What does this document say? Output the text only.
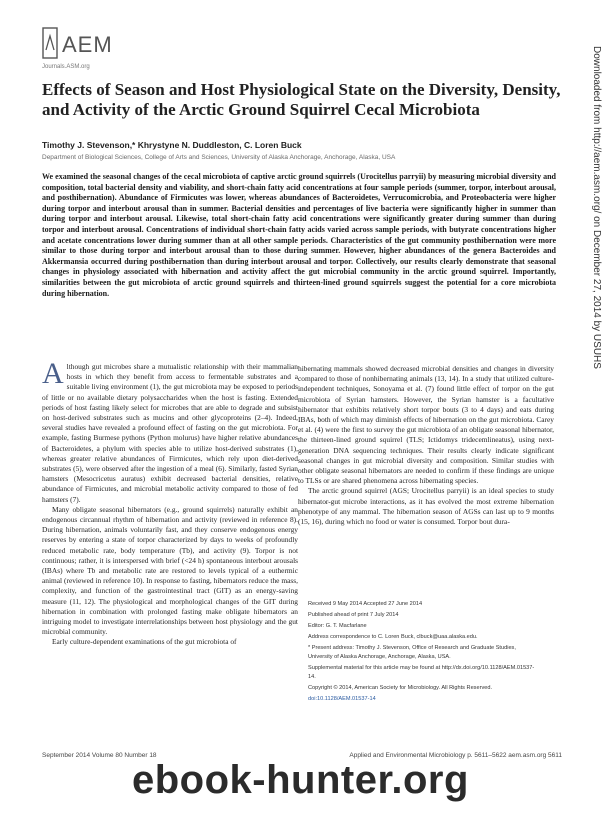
AEM
Journals.ASM.org
Effects of Season and Host Physiological State on the Diversity, Density, and Activity of the Arctic Ground Squirrel Cecal Microbiota
Timothy J. Stevenson,* Khrystyne N. Duddleston, C. Loren Buck
Department of Biological Sciences, College of Arts and Sciences, University of Alaska Anchorage, Anchorage, Alaska, USA
We examined the seasonal changes of the cecal microbiota of captive arctic ground squirrels (Urocitellus parryii) by measuring microbial diversity and composition, total bacterial density and viability, and short-chain fatty acid concentrations at four sample periods (summer, torpor, interbout arousal, and posthibernation). Abundance of Firmicutes was lower, whereas abundances of Bacteroidetes, Verrucomicrobia, and Proteobacteria were higher during torpor and interbout arousal than in summer. Bacterial densities and percentages of live bacteria were significantly higher in summer than during torpor and interbout arousal. Likewise, total short-chain fatty acid concentrations were significantly greater during summer than during torpor and interbout arousal. Concentrations of individual short-chain fatty acids varied across sample periods, with butyrate concentrations higher and acetate concentrations lower during summer than at all other sample periods. Characteristics of the gut community posthibernation were more similar to those during torpor and interbout arousal than to those during summer. However, higher abundances of the genera Bacteroides and Akkermansia occurred during posthibernation than during interbout arousal and torpor. Collectively, our results clearly demonstrate that seasonal changes in physiology associated with hibernation and activity affect the gut microbial community in the arctic ground squirrel. Importantly, similarities between the gut microbiota of arctic ground squirrels and thirteen-lined ground squirrels suggest the potential for a core microbiota during hibernation.	Downloaded from http://aem.asm.org/ on December 27, 2014 by USUHS

Although gut microbes share a mutualistic relationship with their mammalian hosts in which they benefit from access to fermentable substrates and a suitable living environment (1), the gut microbiota may be exposed to periods of little or no available dietary polysaccharides when the host is fasting. Extended periods of host fasting likely select for microbes that are able to degrade and subsist on host-derived substrates such as mucins and other glycoproteins (2–4). Indeed, several studies have revealed a profound effect of fasting on the gut microbiota. For example, fasting Burmese pythons (Python molurus) have higher relative abundances of Bacteroidetes, a phylum with species able to utilize host-derived substrates (1), whereas greater relative abundances of Firmicutes, which rely upon diet-derived substrates (5), were observed after the ingestion of a meal (6). Similarly, fasted Syrian hamsters (Mesocricetus auratus) exhibit decreased bacterial densities, relative abundance of Firmicutes, and microbial metabolic activity compared to those of fed hamsters (7).

Many obligate seasonal hibernators (e.g., ground squirrels) naturally exhibit an endogenous circannual rhythm of hibernation and activity (reviewed in reference 8). During hibernation, animals voluntarily fast, and they conserve endogenous energy reserves by entering a state of torpor characterized by days to weeks of profoundly reduced metabolic rate, body temperature (Tb), and activity (9). Torpor is not continuous; rather, it is interspersed with brief (<24 h) spontaneous interbout arousals (IBAs) where Tb and metabolic rate are restored to levels typical of a euthermic animal (reviewed in reference 10). In response to fasting, hibernators reduce the mass, complexity, and function of the gastrointestinal tract (GIT) as an energy-saving measure (11, 12). The physiological and morphological changes of the GIT during hibernation in combination with prolonged fasting make obligate hibernators an intriguing model to investigate interrelationships between host physiology and the gut microbial community.

Early culture-dependent examinations of the gut microbiota of

hibernating mammals showed decreased microbial densities and changes in diversity compared to those of nonhibernating animals (13, 14). In a study that utilized culture-independent techniques, Sonoyama et al. (7) found little effect of torpor on the gut microbiota of Syrian hamsters. However, the Syrian hamster is a facultative hibernator that exhibits relatively short torpor bouts (3 to 4 days) and eats during IBAs, both of which may diminish effects of hibernation on the gut microbiota. Carey et al. (4) were the first to survey the gut microbiota of an obligate seasonal hibernator, the thirteen-lined ground squirrel (TLS; Ictidomys tridecemlineatus), using next-generation DNA sequencing techniques. Their results clearly indicate significant seasonal changes in gut microbial diversity and composition. Similar studies with other obligate seasonal hibernators are needed to confirm if these findings are unique to TLSs or are shared phenomena across hibernating species.

The arctic ground squirrel (AGS; Urocitellus parryii) is an ideal species to study hibernator-gut microbe interactions, as it has evolved the most extreme hibernation phenotype of any mammal. The hibernation season of AGSs can last up to 9 months (15, 16), during which no food or water is consumed. Torpor bout dura-

Received 9 May 2014 Accepted 27 June 2014
Published ahead of print 7 July 2014
Editor: G. T. Macfarlane
Address correspondence to C. Loren Buck, clbuck@uaa.alaska.edu.
* Present address: Timothy J. Stevenson, Office of Research and Graduate Studies, University of Alaska Anchorage, Anchorage, Alaska, USA.
Supplemental material for this article may be found at http://dx.doi.org/10.1128/AEM.01537-14.
Copyright © 2014, American Society for Microbiology. All Rights Reserved.
doi:10.1128/AEM.01537-14
September 2014 Volume 80 Number 18	Applied and Environmental Microbiology p. 5611–5622 aem.asm.org 5611
ebook-hunter.org
